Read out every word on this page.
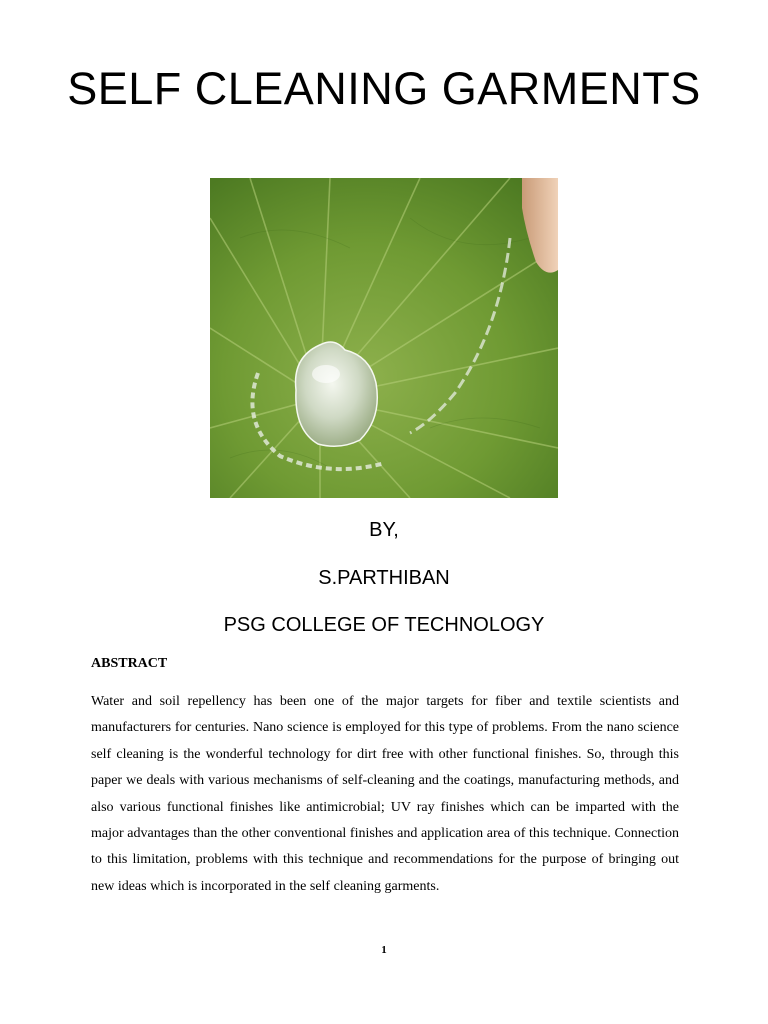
SELF CLEANING GARMENTS
BY,
S.PARTHIBAN
PSG COLLEGE OF TECHNOLOGY
ABSTRACT

Water and soil repellency has been one of the major targets for fiber and textile scientists and manufacturers for centuries. Nano science is employed for this type of problems. From the nano science self cleaning is the wonderful technology for dirt free with other functional finishes. So, through this paper we deals with various mechanisms of self-cleaning and the coatings, manufacturing methods, and also various functional finishes like antimicrobial; UV ray finishes which can be imparted with the major advantages than the other conventional finishes and application area of this technique. Connection to this limitation, problems with this technique and recommendations for the purpose of bringing out new ideas which is incorporated in the self cleaning garments.

1
